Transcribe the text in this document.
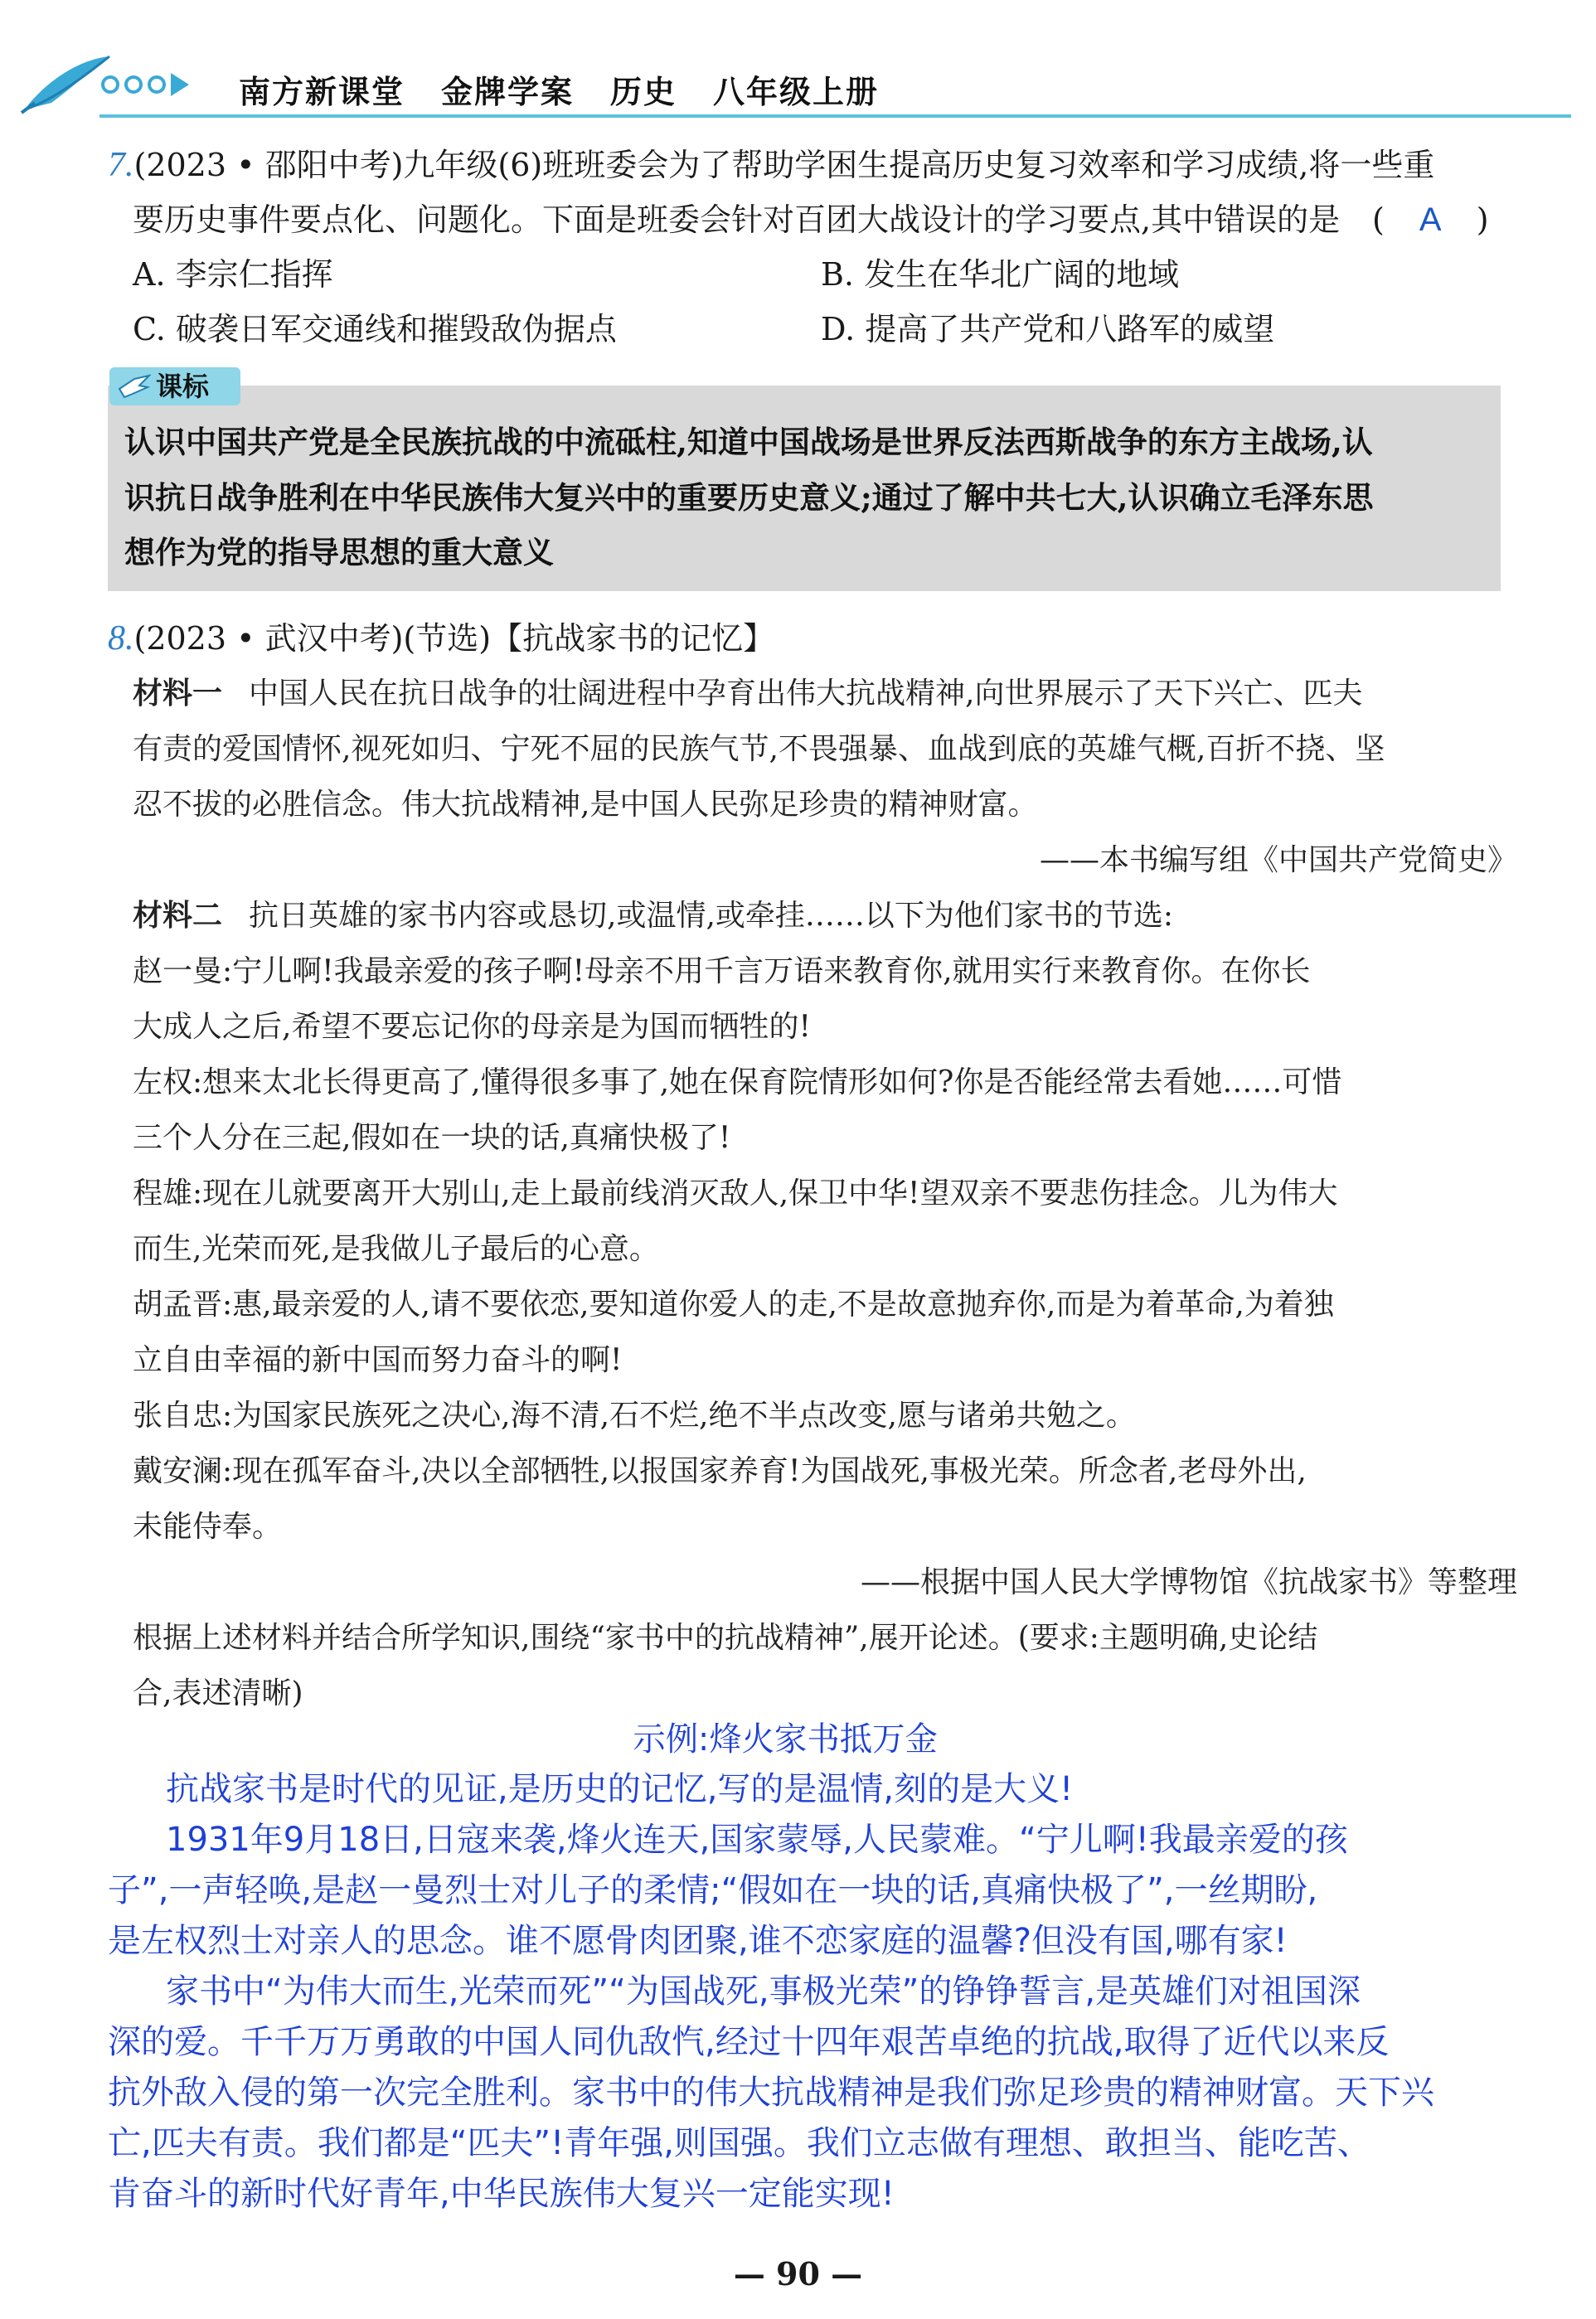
南方新课堂 金牌学案 历史 八年级上册
7.(2023 • 邵阳中考)九年级(6)班班委会为了帮助学困生提高历史复习效率和学习成绩,将一些重
要历史事件要点化、问题化。下面是班委会针对百团大战设计的学习要点,其中错误的是 ( A )
A. 李宗仁指挥	B. 发生在华北广阔的地域
C. 破袭日军交通线和摧毁敌伪据点	D. 提高了共产党和八路军的威望
课标
认识中国共产党是全民族抗战的中流砥柱,知道中国战场是世界反法西斯战争的东方主战场,认
识抗日战争胜利在中华民族伟大复兴中的重要历史意义;通过了解中共七大,认识确立毛泽东思
想作为党的指导思想的重大意义
8.(2023 • 武汉中考)(节选)【抗战家书的记忆】
材料一 中国人民在抗日战争的壮阔进程中孕育出伟大抗战精神,向世界展示了天下兴亡、匹夫
有责的爱国情怀,视死如归、宁死不屈的民族气节,不畏强暴、血战到底的英雄气概,百折不挠、坚
忍不拔的必胜信念。伟大抗战精神,是中国人民弥足珍贵的精神财富。
——本书编写组《中国共产党简史》
材料二 抗日英雄的家书内容或恳切,或温情,或牵挂……以下为他们家书的节选:
赵一曼:宁儿啊!我最亲爱的孩子啊!母亲不用千言万语来教育你,就用实行来教育你。在你长
大成人之后,希望不要忘记你的母亲是为国而牺牲的!
左权:想来太北长得更高了,懂得很多事了,她在保育院情形如何?你是否能经常去看她……可惜
三个人分在三起,假如在一块的话,真痛快极了!
程雄:现在儿就要离开大别山,走上最前线消灭敌人,保卫中华!望双亲不要悲伤挂念。儿为伟大
而生,光荣而死,是我做儿子最后的心意。
胡孟晋:惠,最亲爱的人,请不要依恋,要知道你爱人的走,不是故意抛弃你,而是为着革命,为着独
立自由幸福的新中国而努力奋斗的啊!
张自忠:为国家民族死之决心,海不清,石不烂,绝不半点改变,愿与诸弟共勉之。
戴安澜:现在孤军奋斗,决以全部牺牲,以报国家养育!为国战死,事极光荣。所念者,老母外出,
未能侍奉。
——根据中国人民大学博物馆《抗战家书》等整理
根据上述材料并结合所学知识,围绕“家书中的抗战精神”,展开论述。(要求:主题明确,史论结
合,表述清晰)
示例:烽火家书抵万金
抗战家书是时代的见证,是历史的记忆,写的是温情,刻的是大义!
1931年9月18日,日寇来袭,烽火连天,国家蒙辱,人民蒙难。“宁儿啊!我最亲爱的孩
子”,一声轻唤,是赵一曼烈士对儿子的柔情;“假如在一块的话,真痛快极了”,一丝期盼,
是左权烈士对亲人的思念。谁不愿骨肉团聚,谁不恋家庭的温馨?但没有国,哪有家!
家书中“为伟大而生,光荣而死”“为国战死,事极光荣”的铮铮誓言,是英雄们对祖国深
深的爱。千千万万勇敢的中国人同仇敌忾,经过十四年艰苦卓绝的抗战,取得了近代以来反
抗外敌入侵的第一次完全胜利。家书中的伟大抗战精神是我们弥足珍贵的精神财富。天下兴
亡,匹夫有责。我们都是“匹夫”!青年强,则国强。我们立志做有理想、敢担当、能吃苦、
肯奋斗的新时代好青年,中华民族伟大复兴一定能实现!
— 90 —
